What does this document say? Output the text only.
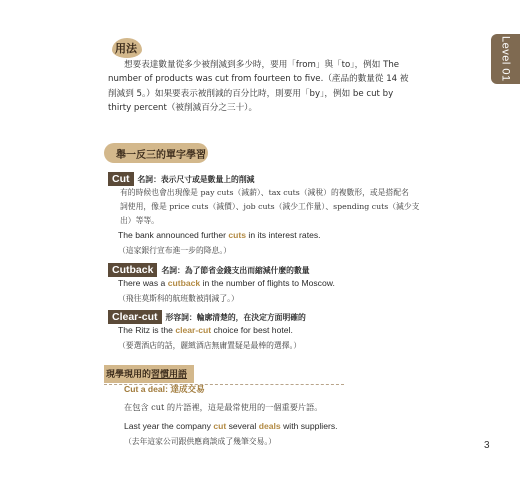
Level 01
用法
想要表達數量從多少被削減到多少時，要用「from」與「to」，例如 The number of products was cut from fourteen to five.（產品的數量從 14 被削減到 5。）如果要表示被削減的百分比時，則要用「by」，例如 be cut by thirty percent（被削減百分之三十）。
舉一反三的單字學習
Cut	名詞：表示尺寸或是數量上的削減
有的時候也會出現像是 pay cuts（減薪）、tax cuts（減稅）的複數形，或是搭配名
詞使用，像是 price cuts（減價）、job cuts（減少工作量）、spending cuts（減少支
出）等等。
The bank announced further cuts in its interest rates.
（這家銀行宣布進一步的降息。）
Cutback	名詞：為了節省金錢支出而縮減什麼的數量
There was a cutback in the number of flights to Moscow.
（飛往莫斯科的航班數被削減了。）
Clear-cut	形容詞：輪廓清楚的，在決定方面明確的
The Ritz is the clear-cut choice for best hotel.
（要選酒店的話，麗緻酒店無庸置疑是最棒的選擇。）
現學現用的習慣用語
Cut a deal: 達成交易
在包含 cut 的片語裡，這是最常使用的一個重要片語。
Last year the company cut several deals with suppliers.
（去年這家公司跟供應商談成了幾筆交易。）	3
